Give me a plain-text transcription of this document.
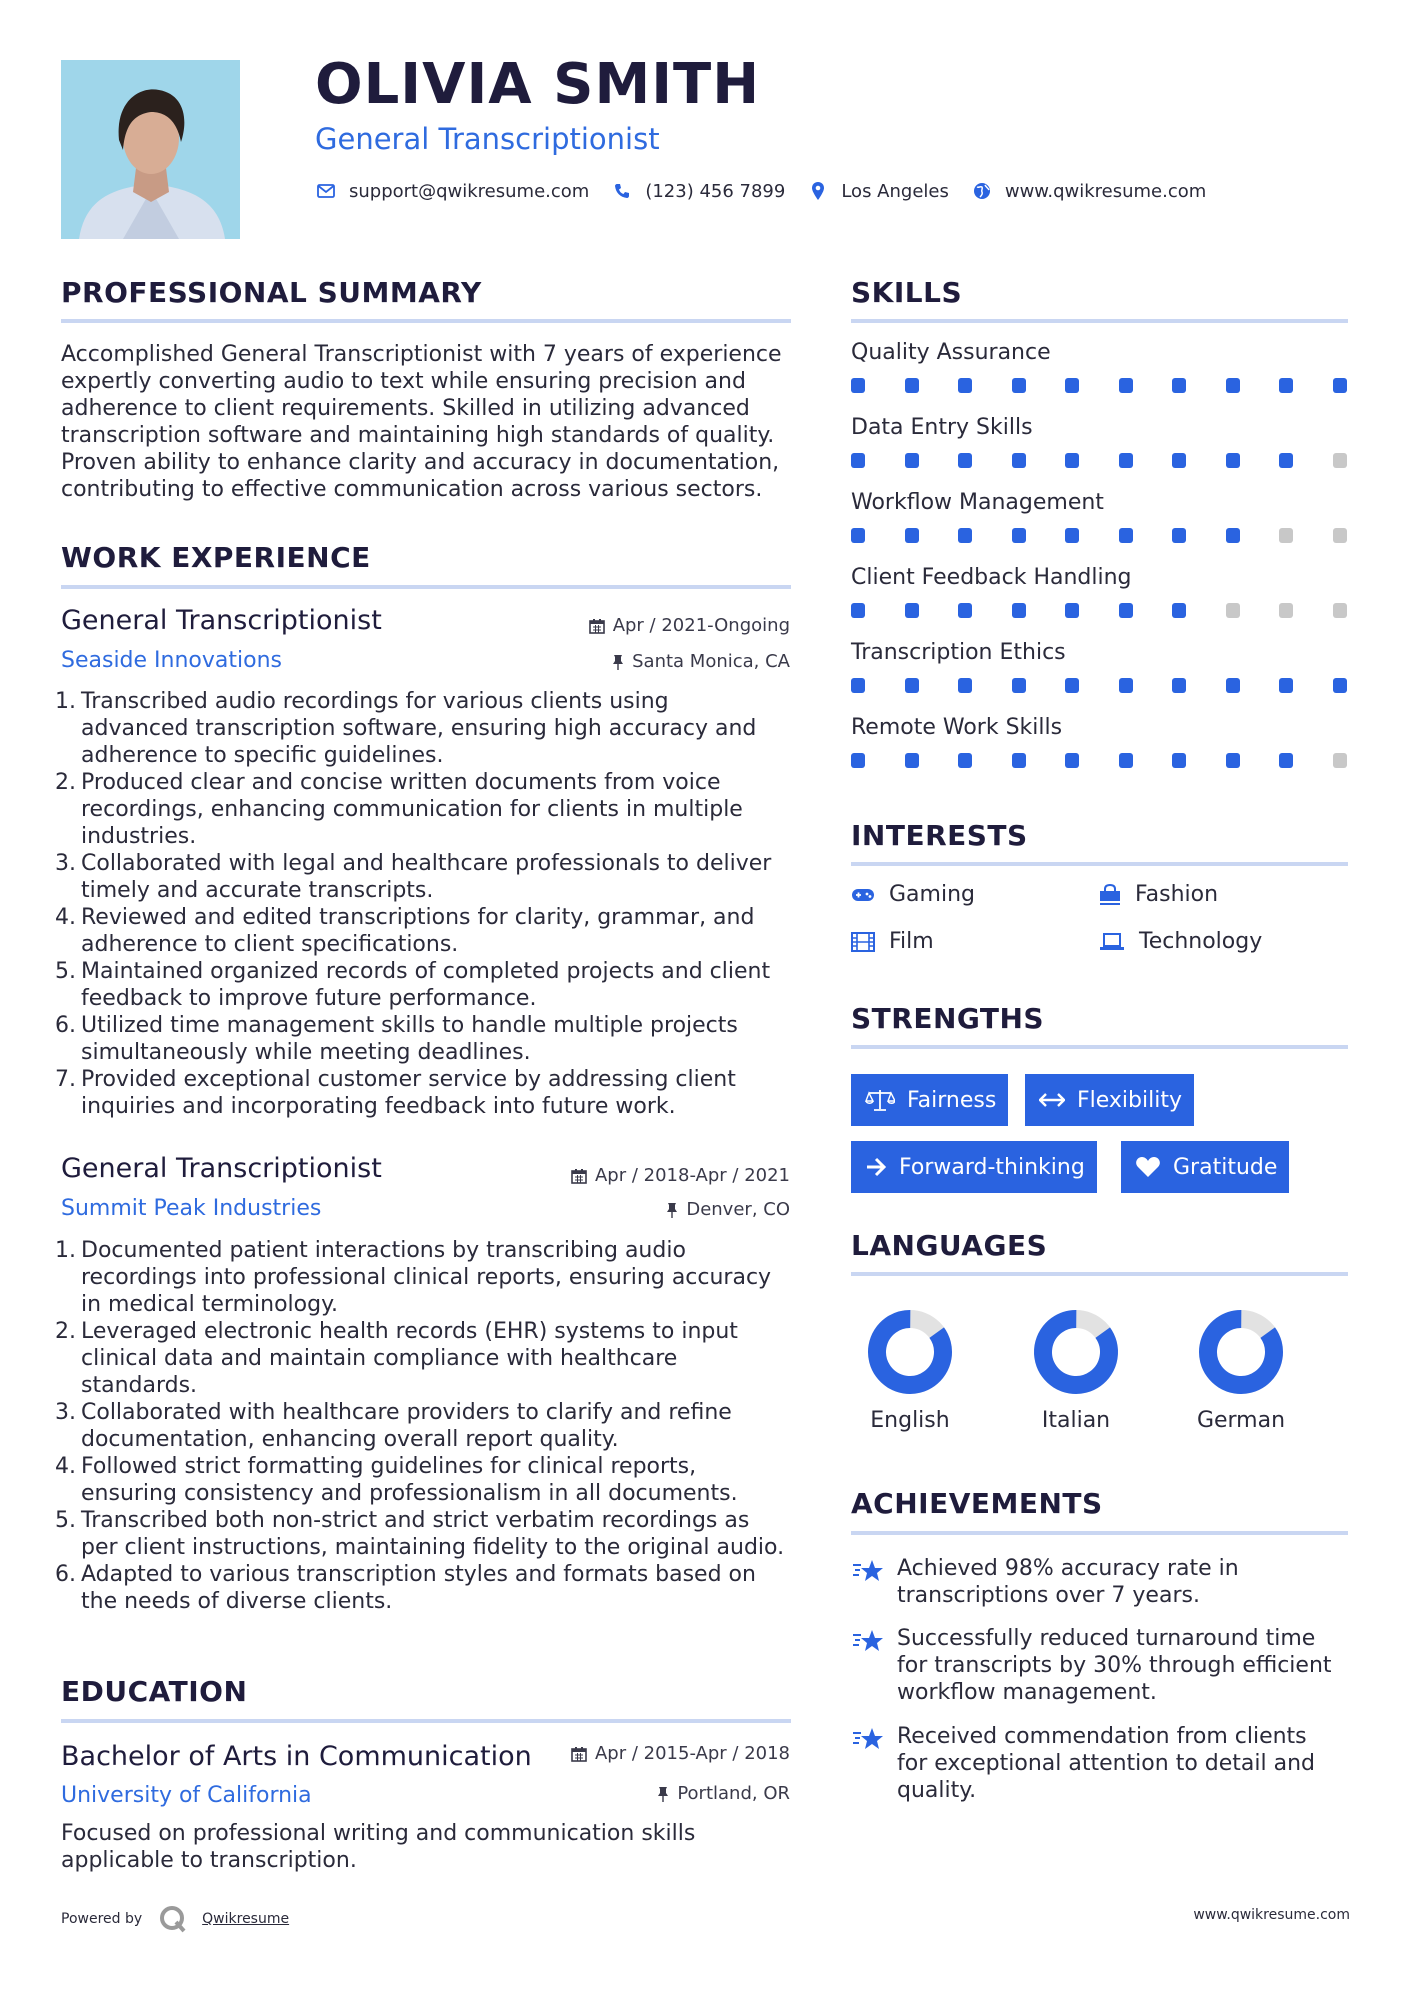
OLIVIA SMITH
General Transcriptionist
support@qwikresume.com	(123) 456 7899	Los Angeles	www.qwikresume.com
PROFESSIONAL SUMMARY
Accomplished General Transcriptionist with 7 years of experience
expertly converting audio to text while ensuring precision and
adherence to client requirements. Skilled in utilizing advanced
transcription software and maintaining high standards of quality.
Proven ability to enhance clarity and accuracy in documentation,
contributing to effective communication across various sectors.
WORK EXPERIENCE
General Transcriptionist	Apr / 2021-Ongoing
Seaside Innovations	Santa Monica, CA
1. Transcribed audio recordings for various clients using
advanced transcription software, ensuring high accuracy and
adherence to specific guidelines.
2. Produced clear and concise written documents from voice
recordings, enhancing communication for clients in multiple
industries.
3. Collaborated with legal and healthcare professionals to deliver
timely and accurate transcripts.
4. Reviewed and edited transcriptions for clarity, grammar, and
adherence to client specifications.
5. Maintained organized records of completed projects and client
feedback to improve future performance.
6. Utilized time management skills to handle multiple projects
simultaneously while meeting deadlines.
7. Provided exceptional customer service by addressing client
inquiries and incorporating feedback into future work.
General Transcriptionist	Apr / 2018-Apr / 2021
Summit Peak Industries	Denver, CO
1. Documented patient interactions by transcribing audio
recordings into professional clinical reports, ensuring accuracy
in medical terminology.
2. Leveraged electronic health records (EHR) systems to input
clinical data and maintain compliance with healthcare
standards.
3. Collaborated with healthcare providers to clarify and refine
documentation, enhancing overall report quality.
4. Followed strict formatting guidelines for clinical reports,
ensuring consistency and professionalism in all documents.
5. Transcribed both non-strict and strict verbatim recordings as
per client instructions, maintaining fidelity to the original audio.
6. Adapted to various transcription styles and formats based on
the needs of diverse clients.
EDUCATION
Bachelor of Arts in Communication	Apr / 2015-Apr / 2018
University of California	Portland, OR
Focused on professional writing and communication skills
applicable to transcription.
SKILLS
Quality Assurance
Data Entry Skills
Workflow Management
Client Feedback Handling
Transcription Ethics
Remote Work Skills
INTERESTS
Gaming	Fashion
Film	Technology
STRENGTHS
Fairness	Flexibility
Forward-thinking	Gratitude
LANGUAGES
English	Italian	German
ACHIEVEMENTS
Achieved 98% accuracy rate in
transcriptions over 7 years.
Successfully reduced turnaround time
for transcripts by 30% through efficient
workflow management.
Received commendation from clients
for exceptional attention to detail and
quality.
Powered by	Qwikresume	www.qwikresume.com
